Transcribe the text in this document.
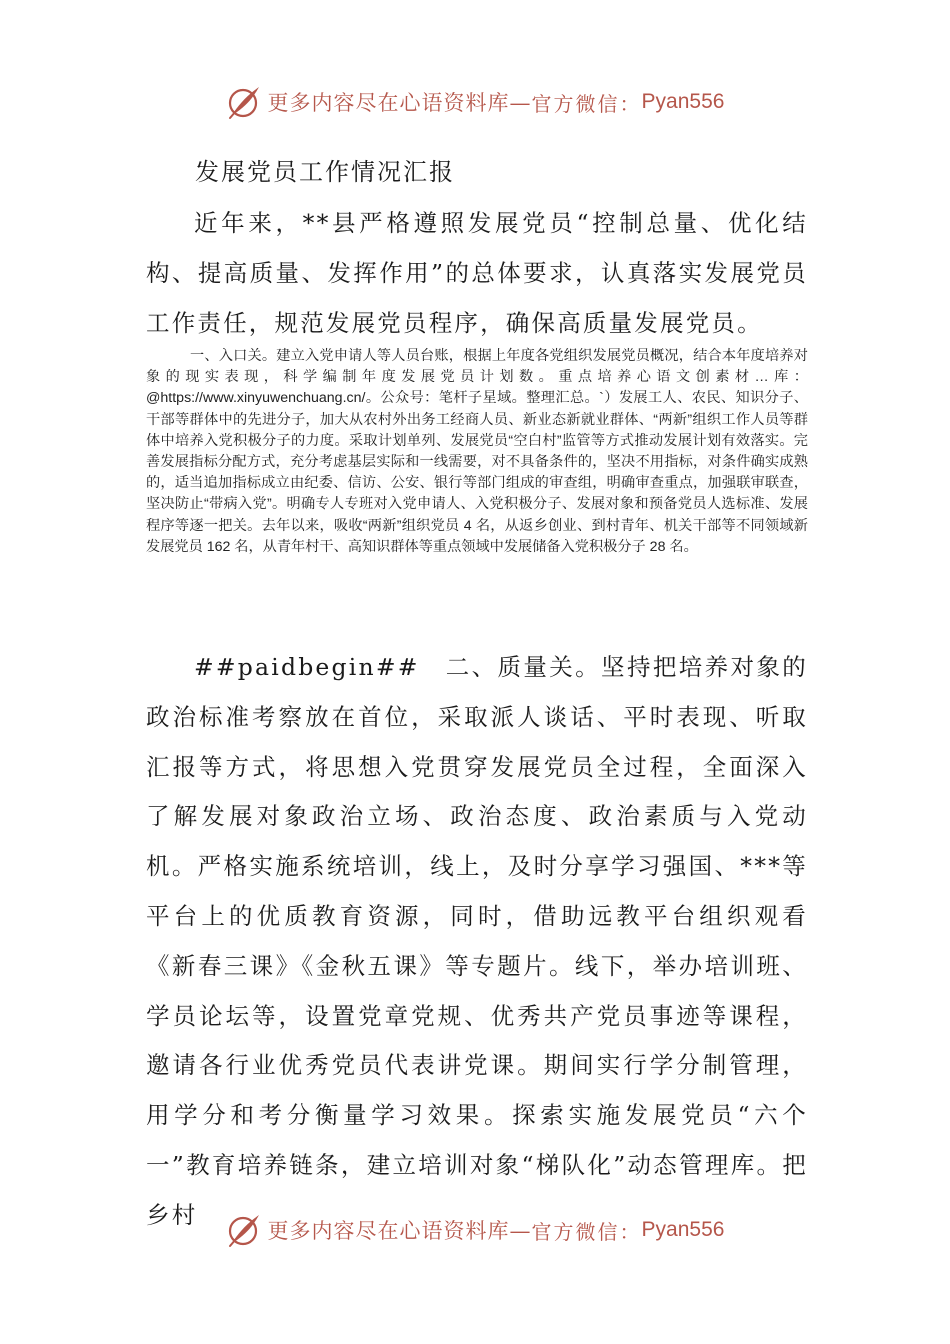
更多内容尽在心语资料库— 官方微信： Pyan556
发展党员工作情况汇报
近年来，**县严格遵照发展党员“控制总量、优化结构、提高质量、发挥作用”的总体要求，认真落实发展党员工作责任，规范发展党员程序，确保高质量发展党员。
一、入口关。建立入党申请人等人员台账，根据上年度各党组织发展党员概况，结合本年度培养对象的现实表现，科学编制年度发展党员计划数。重点培养心语文创素材…库：@https://www.xinyuwenchuang.cn/。公众号：笔杆子星域。整理汇总。`）发展工人、农民、知识分子、干部等群体中的先进分子，加大从农村外出务工经商人员、新业态新就业群体、“两新”组织工作人员等群体中培养入党积极分子的力度。采取计划单列、发展党员“空白村”监管等方式推动发展计划有效落实。完善发展指标分配方式，充分考虑基层实际和一线需要，对不具备条件的，坚决不用指标，对条件确实成熟的，适当追加指标成立由纪委、信访、公安、银行等部门组成的审查组，明确审查重点，加强联审联查，坚决防止“带病入党”。明确专人专班对入党申请人、入党积极分子、发展对象和预备党员人选标准、发展程序等逐一把关。去年以来，吸收“两新”组织党员 4 名，从返乡创业、到村青年、机关干部等不同领域新发展党员 162 名，从青年村干、高知识群体等重点领域中发展储备入党积极分子 28 名。
##paidbegin##　二、质量关。坚持把培养对象的政治标准考察放在首位，采取派人谈话、平时表现、听取汇报等方式，将思想入党贯穿发展党员全过程，全面深入了解发展对象政治立场、政治态度、政治素质与入党动机。严格实施系统培训，线上，及时分享学习强国、***等平台上的优质教育资源，同时，借助远教平台组织观看《新春三课》《金秋五课》等专题片。线下，举办培训班、学员论坛等，设置党章党规、优秀共产党员事迹等课程，邀请各行业优秀党员代表讲党课。期间实行学分制管理，用学分和考分衡量学习效果。探索实施发展党员“六个一”教育培养链条，建立培训对象“梯队化”动态管理库。把乡村
更多内容尽在心语资料库— 官方微信： Pyan556
